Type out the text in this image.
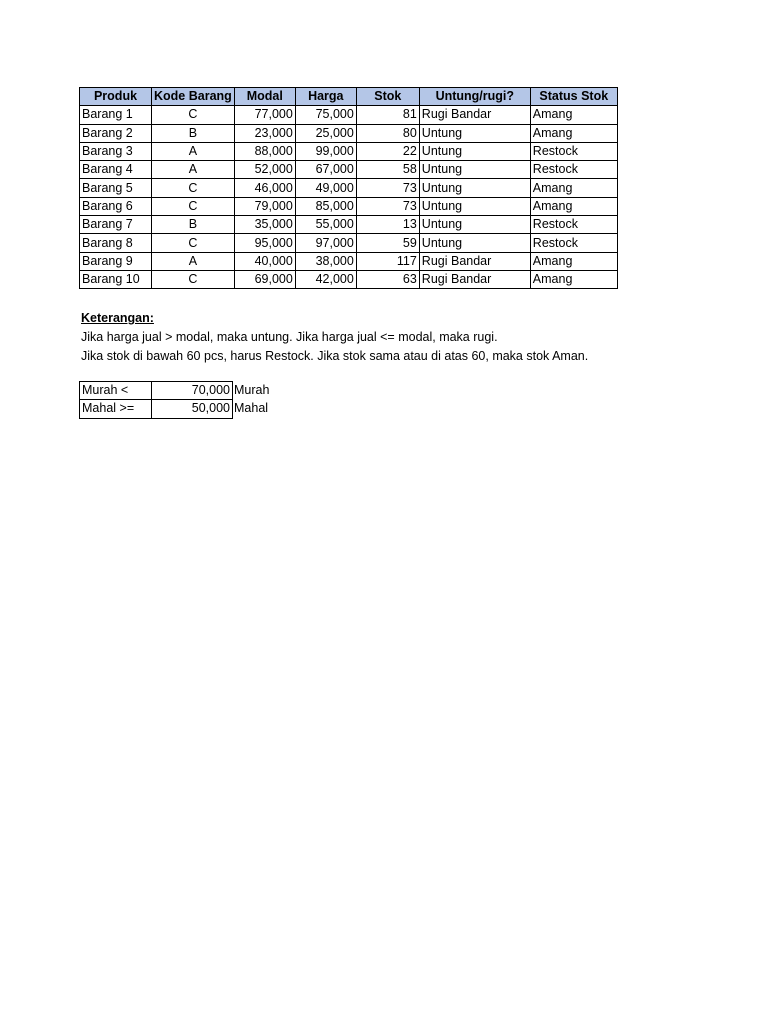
Produk	Kode Barang	Modal	Harga	Stok	Untung/rugi?	Status Stok
Barang 1	C	77,000	75,000	81	Rugi Bandar	Amang
Barang 2	B	23,000	25,000	80	Untung	Amang
Barang 3	A	88,000	99,000	22	Untung	Restock
Barang 4	A	52,000	67,000	58	Untung	Restock
Barang 5	C	46,000	49,000	73	Untung	Amang
Barang 6	C	79,000	85,000	73	Untung	Amang
Barang 7	B	35,000	55,000	13	Untung	Restock
Barang 8	C	95,000	97,000	59	Untung	Restock
Barang 9	A	40,000	38,000	117	Rugi Bandar	Amang
Barang 10	C	69,000	42,000	63	Rugi Bandar	Amang
Keterangan:
Jika harga jual > modal, maka untung. Jika harga jual <= modal, maka rugi.
Jika stok di bawah 60 pcs, harus Restock. Jika stok sama atau di atas 60, maka stok Aman.
Murah <	70,000	Murah
Mahal >=	50,000	Mahal
